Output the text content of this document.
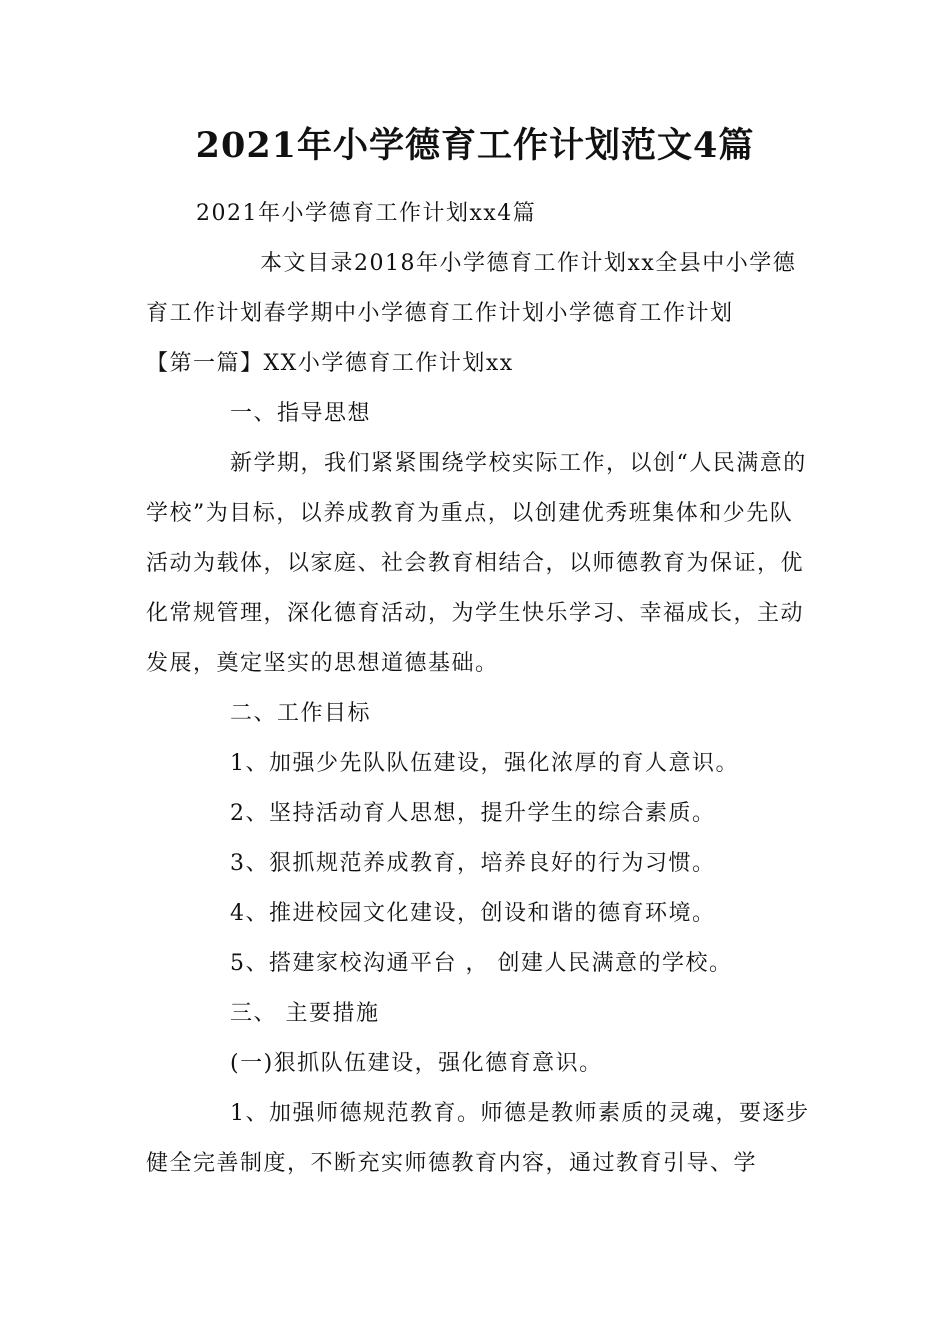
2021年小学德育工作计划范文4篇

2021年小学德育工作计划xx4篇

本文目录2018年小学德育工作计划xx全县中小学德育工作计划春学期中小学德育工作计划小学德育工作计划【第一篇】XX小学德育工作计划xx

一、指导思想

新学期，我们紧紧围绕学校实际工作，以创“人民满意的学校”为目标，以养成教育为重点，以创建优秀班集体和少先队活动为载体，以家庭、社会教育相结合，以师德教育为保证，优化常规管理，深化德育活动，为学生快乐学习、幸福成长，主动发展，奠定坚实的思想道德基础。

二、工作目标

1、加强少先队队伍建设，强化浓厚的育人意识。

2、坚持活动育人思想，提升学生的综合素质。

3、狠抓规范养成教育，培养良好的行为习惯。

4、推进校园文化建设，创设和谐的德育环境。

5、搭建家校沟通平台 ， 创建人民满意的学校。

三、 主要措施

(一)狠抓队伍建设，强化德育意识。

1、加强师德规范教育。师德是教师素质的灵魂，要逐步健全完善制度，不断充实师德教育内容，通过教育引导、学
